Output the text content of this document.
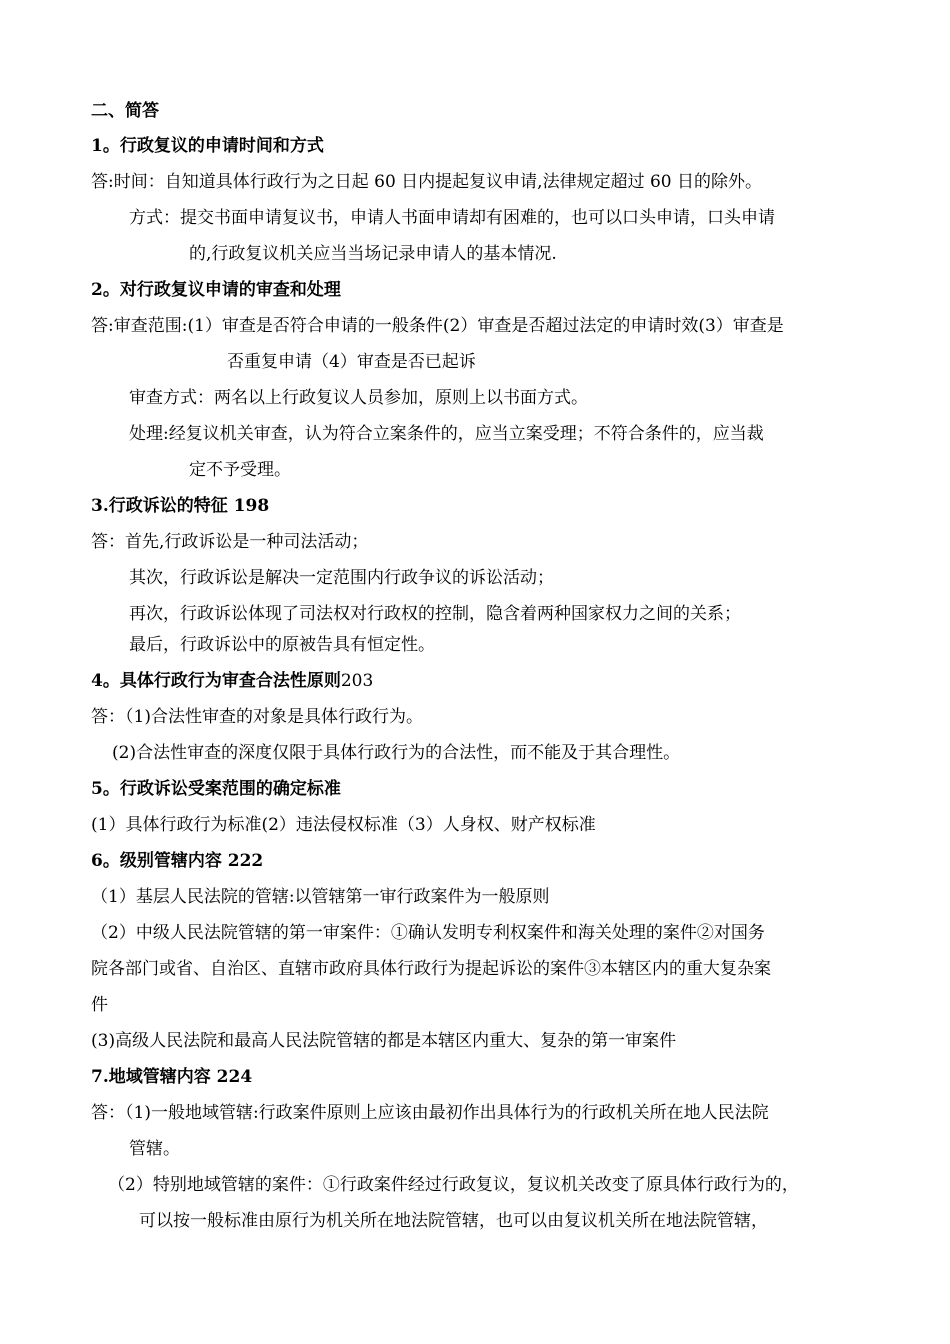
二、简答
1。行政复议的申请时间和方式
答:时间：自知道具体行政行为之日起 60 日内提起复议申请,法律规定超过 60 日的除外。
方式：提交书面申请复议书，申请人书面申请却有困难的，也可以口头申请，口头申请
的,行政复议机关应当当场记录申请人的基本情况.
2。对行政复议申请的审查和处理
答:审查范围:(1）审查是否符合申请的一般条件(2）审查是否超过法定的申请时效(3）审查是
否重复申请（4）审查是否已起诉
审查方式：两名以上行政复议人员参加，原则上以书面方式。
处理:经复议机关审查，认为符合立案条件的，应当立案受理；不符合条件的，应当裁
定不予受理。
3.行政诉讼的特征 198
答：首先,行政诉讼是一种司法活动；
其次，行政诉讼是解决一定范围内行政争议的诉讼活动；
再次，行政诉讼体现了司法权对行政权的控制，隐含着两种国家权力之间的关系；
最后，行政诉讼中的原被告具有恒定性。
4。具体行政行为审查合法性原则203
答：（1)合法性审查的对象是具体行政行为。
(2)合法性审查的深度仅限于具体行政行为的合法性，而不能及于其合理性。
5。行政诉讼受案范围的确定标准
(1）具体行政行为标准(2）违法侵权标准（3）人身权、财产权标准
6。级别管辖内容 222
（1）基层人民法院的管辖:以管辖第一审行政案件为一般原则
（2）中级人民法院管辖的第一审案件：①确认发明专利权案件和海关处理的案件②对国务
院各部门或省、自治区、直辖市政府具体行政行为提起诉讼的案件③本辖区内的重大复杂案
件
(3)高级人民法院和最高人民法院管辖的都是本辖区内重大、复杂的第一审案件
7.地域管辖内容 224
答：（1)一般地域管辖:行政案件原则上应该由最初作出具体行为的行政机关所在地人民法院
管辖。
（2）特别地域管辖的案件：①行政案件经过行政复议，复议机关改变了原具体行政行为的，
可以按一般标准由原行为机关所在地法院管辖，也可以由复议机关所在地法院管辖，
